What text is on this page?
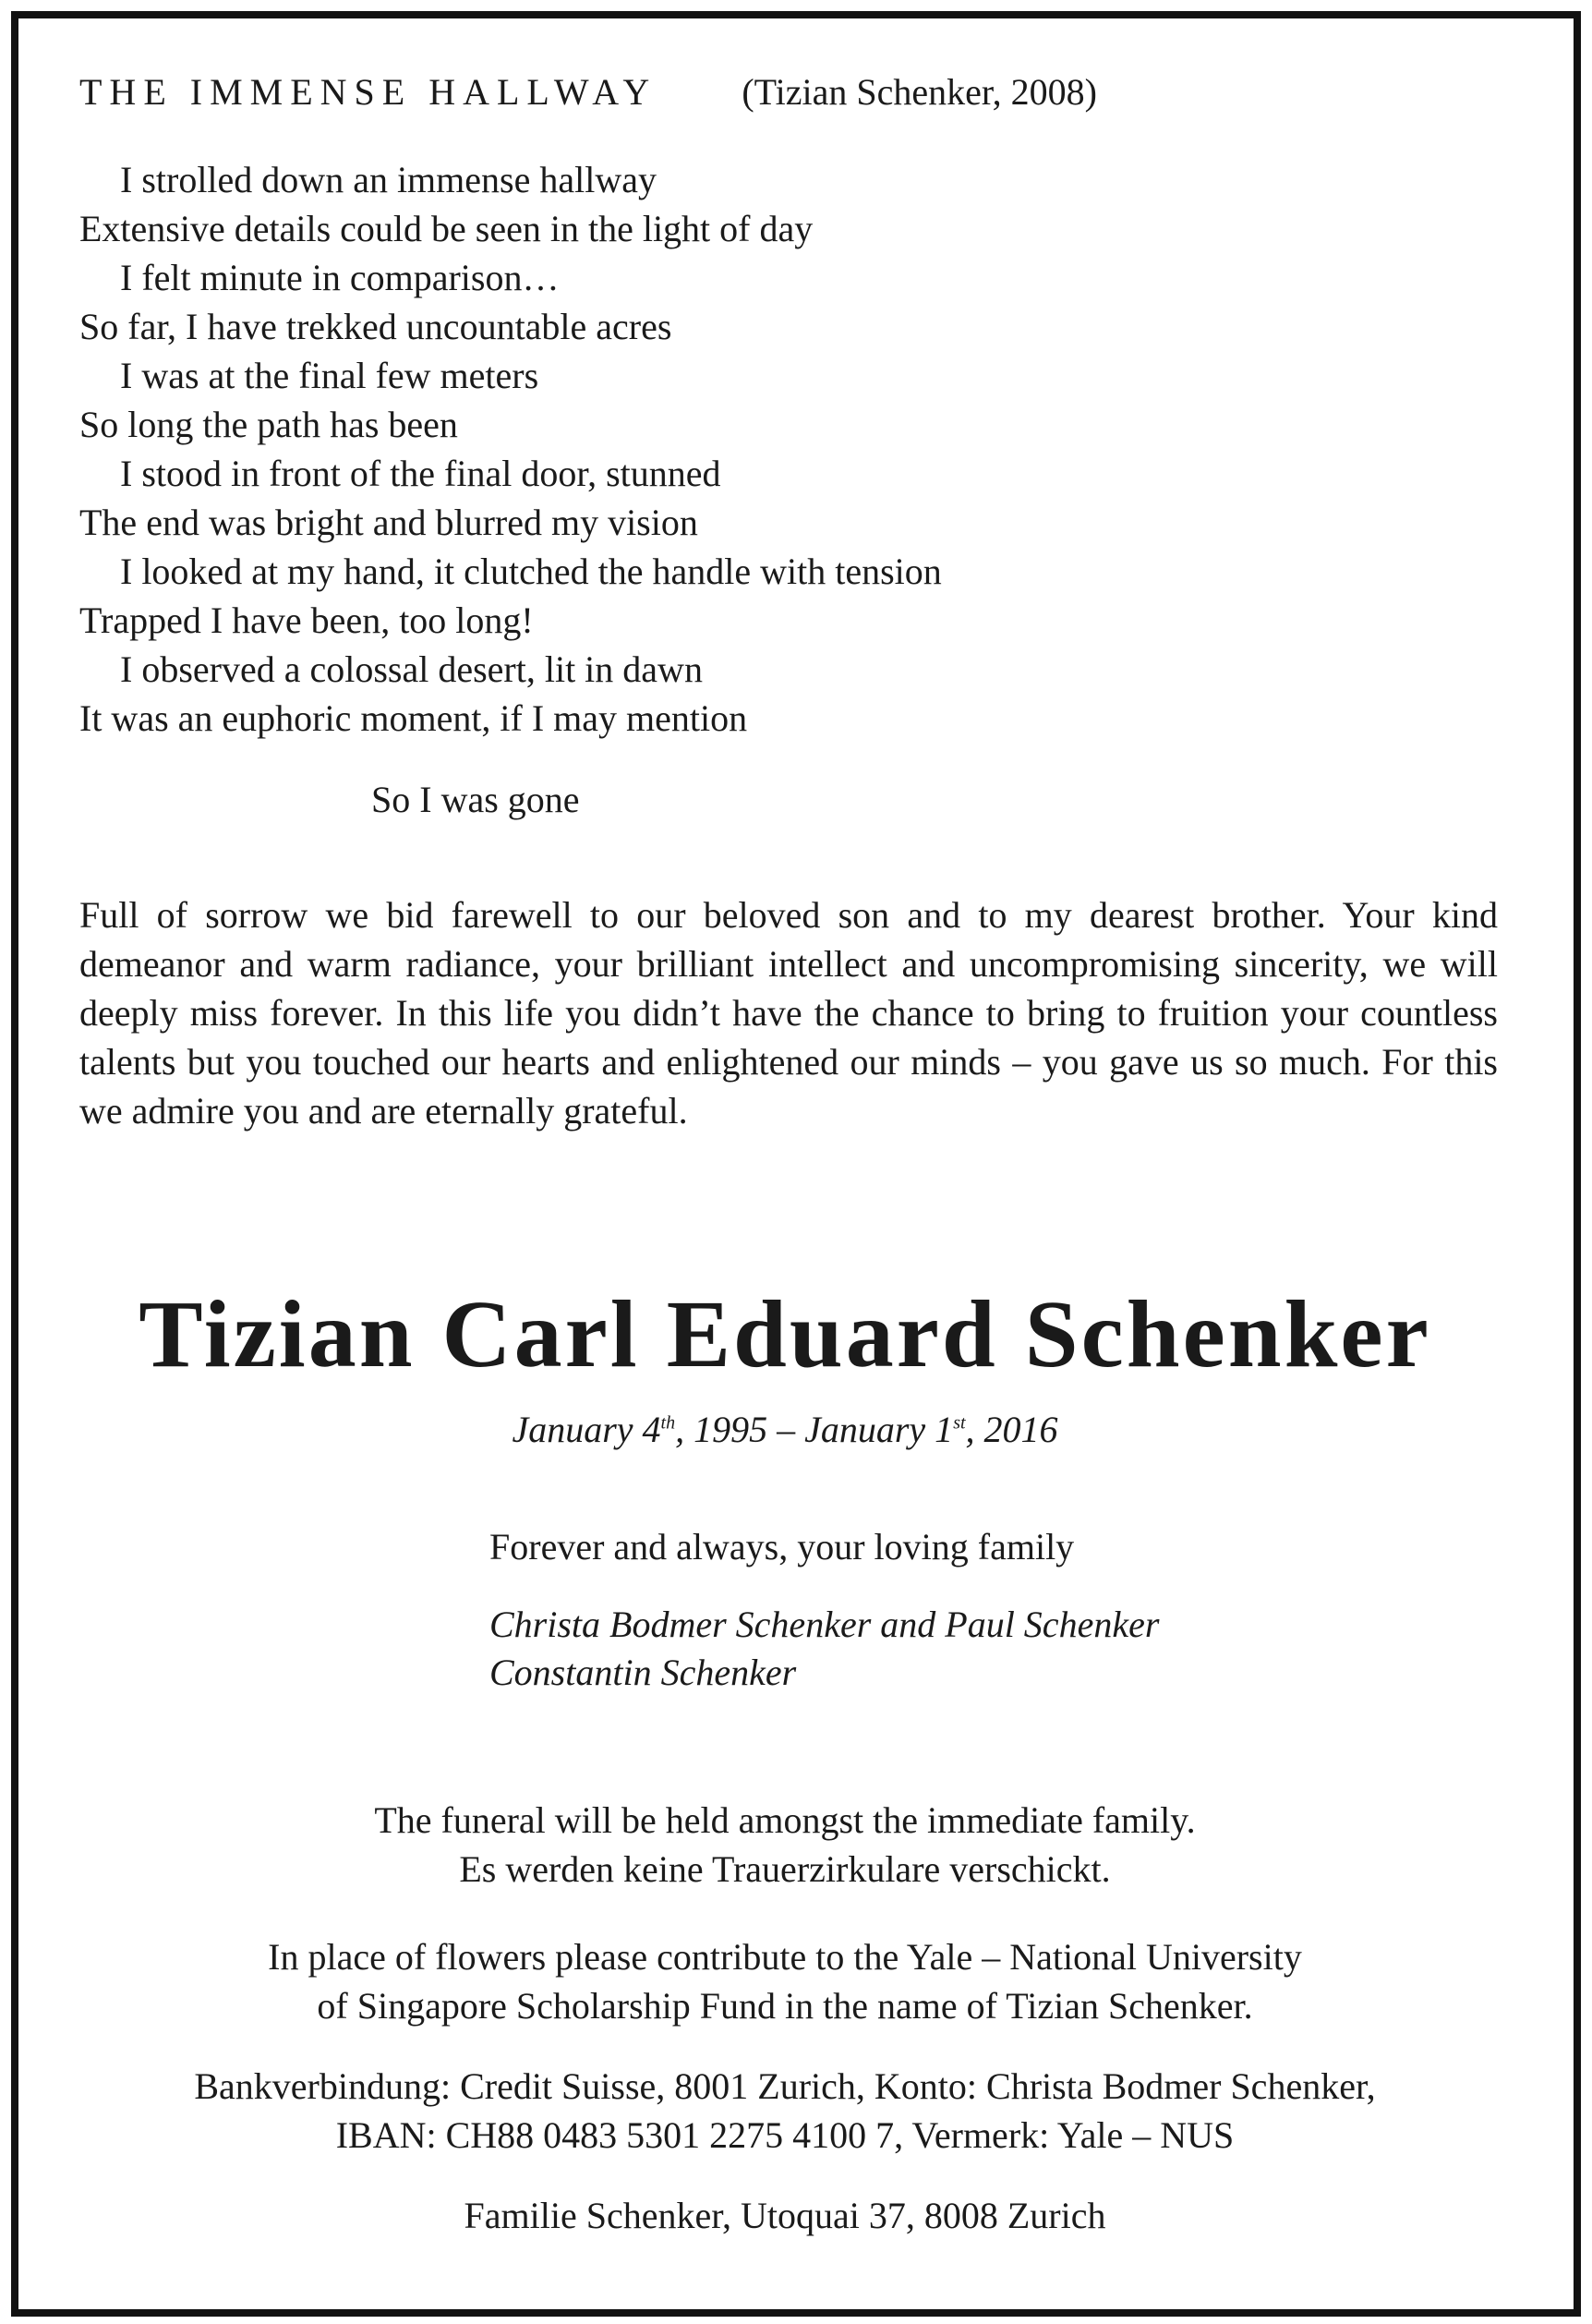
THE IMMENSE HALLWAY (Tizian Schenker, 2008)
I strolled down an immense hallway
Extensive details could be seen in the light of day
I felt minute in comparison…
So far, I have trekked uncountable acres
I was at the final few meters
So long the path has been
I stood in front of the final door, stunned
The end was bright and blurred my vision
I looked at my hand, it clutched the handle with tension
Trapped I have been, too long!
I observed a colossal desert, lit in dawn
It was an euphoric moment, if I may mention
So I was gone

Full of sorrow we bid farewell to our beloved son and to my dearest brother. Your kind demeanor and warm radiance, your brilliant intellect and uncompromising sincerity, we will deeply miss forever. In this life you didn’t have the chance to bring to fruition your countless talents but you touched our hearts and enlightened our minds – you gave us so much. For this we admire you and are eternally grateful.

Tizian Carl Eduard Schenker
January 4th, 1995 – January 1st, 2016
Forever and always, your loving family
Christa Bodmer Schenker and Paul Schenker
Constantin Schenker
The funeral will be held amongst the immediate family.
Es werden keine Trauerzirkulare verschickt.
In place of flowers please contribute to the Yale – National University
of Singapore Scholarship Fund in the name of Tizian Schenker.
Bankverbindung: Credit Suisse, 8001 Zurich, Konto: Christa Bodmer Schenker,
IBAN: CH88 0483 5301 2275 4100 7, Vermerk: Yale – NUS
Familie Schenker, Utoquai 37, 8008 Zurich
